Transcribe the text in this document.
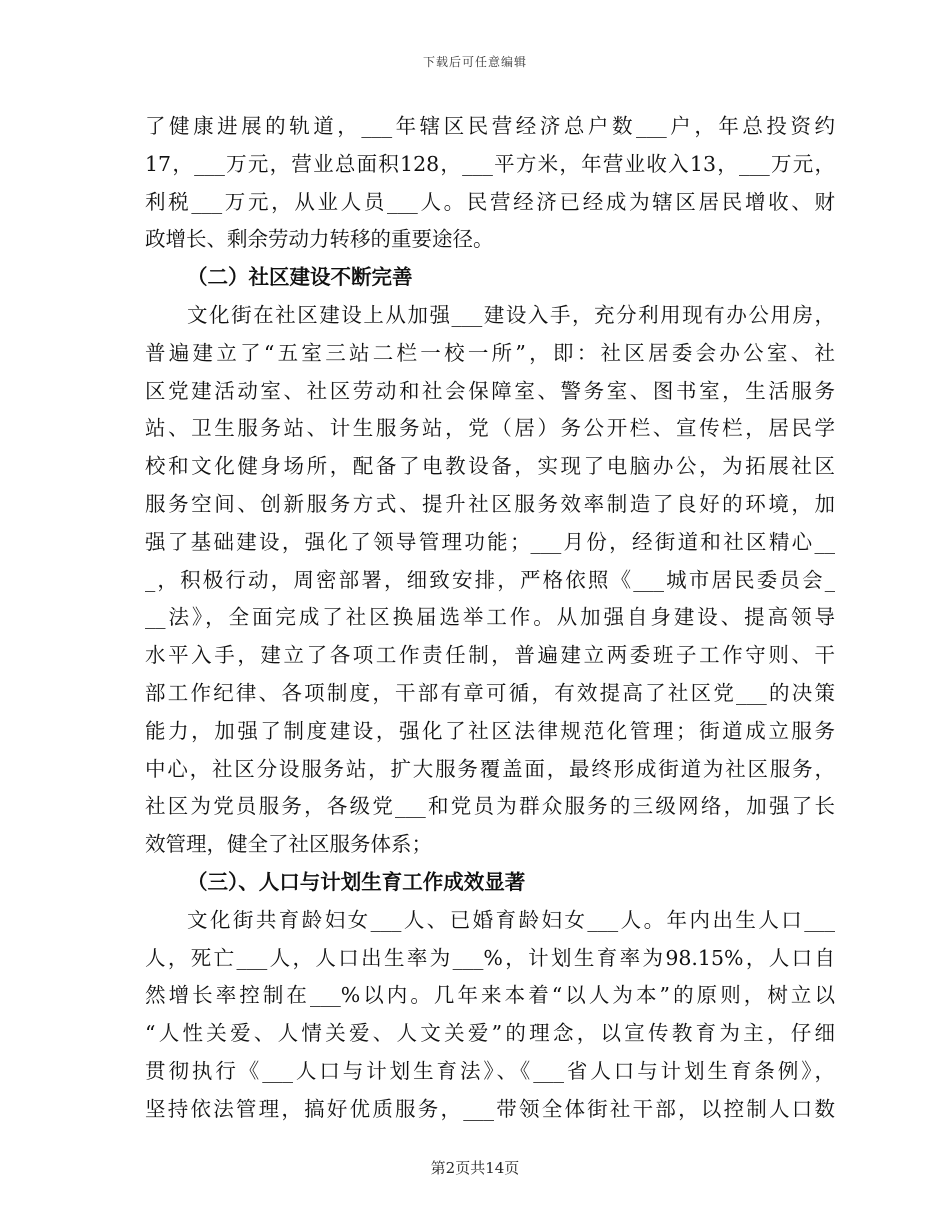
下载后可任意编辑
了健康进展的轨道，___年辖区民营经济总户数___户，年总投资约
17，___万元，营业总面积128，___平方米，年营业收入13，___万元，
利税___万元，从业人员___人。民营经济已经成为辖区居民增收、财
政增长、剩余劳动力转移的重要途径。
（二）社区建设不断完善
文化街在社区建设上从加强___建设入手，充分利用现有办公用房，
普遍建立了“五室三站二栏一校一所”，即：社区居委会办公室、社
区党建活动室、社区劳动和社会保障室、警务室、图书室，生活服务
站、卫生服务站、计生服务站，党（居）务公开栏、宣传栏，居民学
校和文化健身场所，配备了电教设备，实现了电脑办公，为拓展社区
服务空间、创新服务方式、提升社区服务效率制造了良好的环境，加
强了基础建设，强化了领导管理功能；___月份，经街道和社区精心__
_，积极行动，周密部署，细致安排，严格依照《___城市居民委员会_
__法》，全面完成了社区换届选举工作。从加强自身建设、提高领导
水平入手，建立了各项工作责任制，普遍建立两委班子工作守则、干
部工作纪律、各项制度，干部有章可循，有效提高了社区党___的决策
能力，加强了制度建设，强化了社区法律规范化管理；街道成立服务
中心，社区分设服务站，扩大服务覆盖面，最终形成街道为社区服务，
社区为党员服务，各级党___和党员为群众服务的三级网络，加强了长
效管理，健全了社区服务体系；
（三）、人口与计划生育工作成效显著
文化街共育龄妇女___人、已婚育龄妇女___人。年内出生人口___
人，死亡___人，人口出生率为___%，计划生育率为98.15%，人口自
然增长率控制在___%以内。几年来本着“以人为本”的原则，树立以
“人性关爱、人情关爱、人文关爱”的理念，以宣传教育为主，仔细
贯彻执行《___人口与计划生育法》、《___省人口与计划生育条例》，
坚持依法管理，搞好优质服务，___带领全体街社干部，以控制人口数
第2页共14页
